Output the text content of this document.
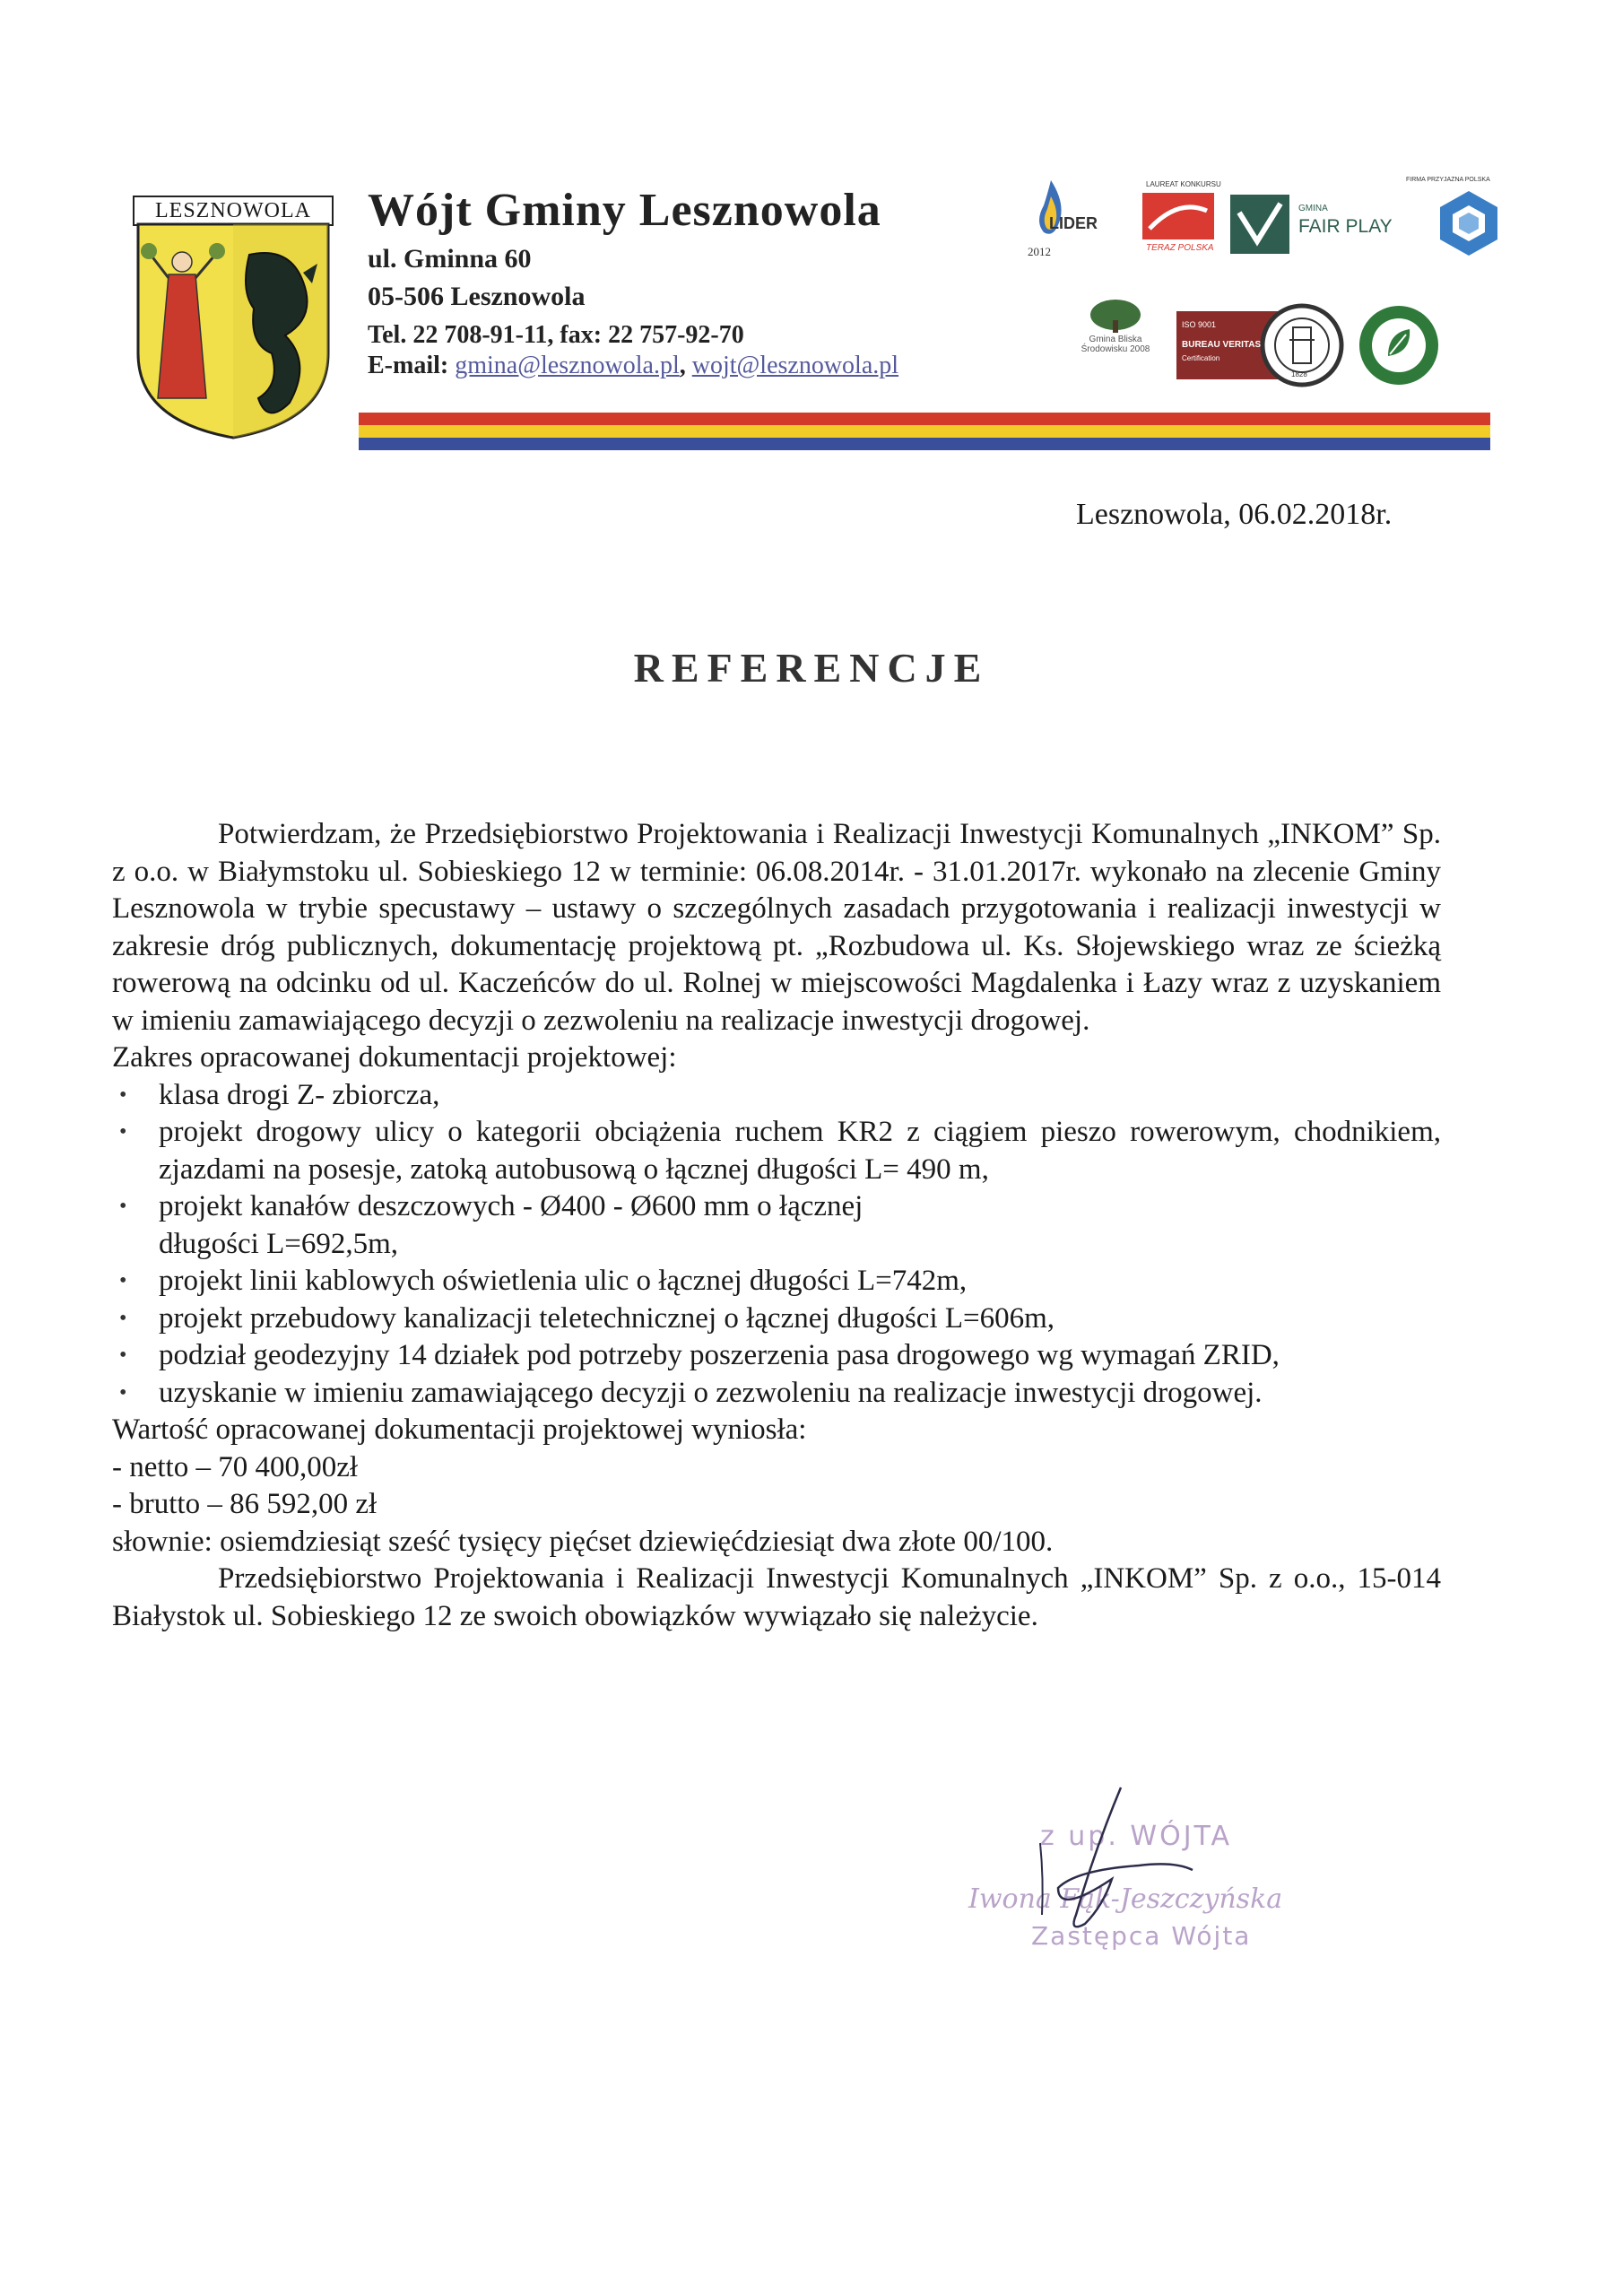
LESZNOWOLA	Wójt Gminy Lesznowola
ul. Gminna 60
05-506 Lesznowola
Tel. 22 708-91-11, fax: 22 757-92-70
E-mail: gmina@lesznowola.pl, wojt@lesznowola.pl
LIDER
2012
LAUREAT KONKURSU
TERAZ POLSKA
GMINA
FAIR PLAY
FIRMA PRZYJAZNA POLSKA
Gmina Bliska Środowisku 2008
ISO 9001
BUREAU VERITAS
Certification
1828
Lesznowola, 06.02.2018r.
REFERENCJE

Potwierdzam, że Przedsiębiorstwo Projektowania i Realizacji Inwestycji Komunalnych „INKOM” Sp. z o.o. w Białymstoku ul. Sobieskiego 12 w terminie: 06.08.2014r. - 31.01.2017r. wykonało na zlecenie Gminy Lesznowola w trybie specustawy – ustawy o szczególnych zasadach przygotowania i realizacji inwestycji w zakresie dróg publicznych, dokumentację projektową pt. „Rozbudowa ul. Ks. Słojewskiego wraz ze ścieżką rowerową na odcinku od ul. Kaczeńców do ul. Rolnej w miejscowości Magdalenka i Łazy wraz z uzyskaniem w imieniu zamawiającego decyzji o zezwoleniu na realizacje inwestycji drogowej.

Zakres opracowanej dokumentacji projektowej:

• klasa drogi Z- zbiorcza,
• projekt drogowy ulicy o kategorii obciążenia ruchem KR2 z ciągiem pieszo rowerowym, chodnikiem, zjazdami na posesje, zatoką autobusową o łącznej długości L= 490 m,
• projekt kanałów deszczowych - Ø400 - Ø600 mm o łącznej długości L=692,5m,
• projekt linii kablowych oświetlenia ulic o łącznej długości L=742m,
• projekt przebudowy kanalizacji teletechnicznej o łącznej długości L=606m,
• podział geodezyjny 14 działek pod potrzeby poszerzenia pasa drogowego wg wymagań ZRID,
• uzyskanie w imieniu zamawiającego decyzji o zezwoleniu na realizacje inwestycji drogowej.

Wartość opracowanej dokumentacji projektowej wyniosła:

- netto – 70 400,00zł

- brutto – 86 592,00 zł

słownie: osiemdziesiąt sześć tysięcy pięćset dziewięćdziesiąt dwa złote 00/100.

Przedsiębiorstwo Projektowania i Realizacji Inwestycji Komunalnych „INKOM” Sp. z o.o., 15-014 Białystok ul. Sobieskiego 12 ze swoich obowiązków wywiązało się należycie.

z up. WÓJTA
Iwona Fąk-Jeszczyńska
Zastępca Wójta
